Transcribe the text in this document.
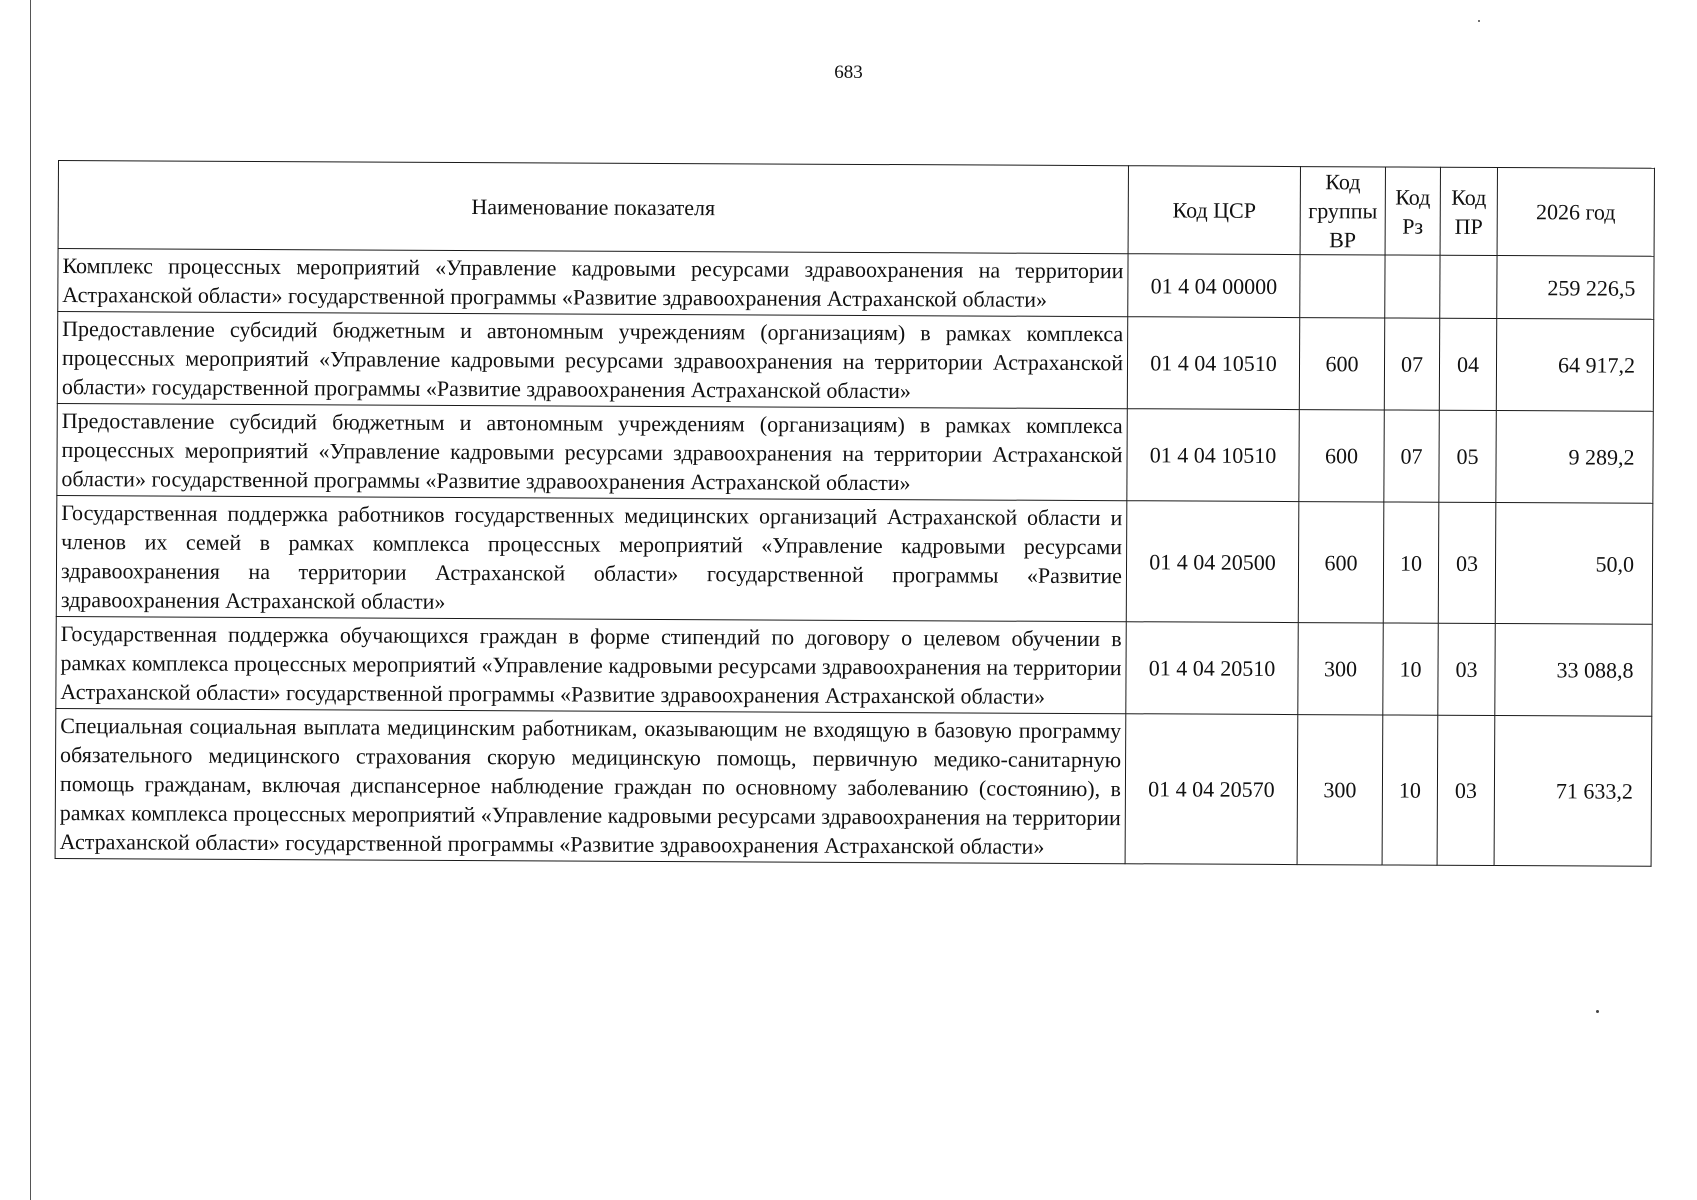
683
Наименование показателя	Код ЦСР	Код группы ВР	Код Рз	Код ПР	2026 год
Комплекс процессных мероприятий «Управление кадровыми ресурсами здравоохранения на территории Астраханской области» государственной программы «Развитие здравоохранения Астраханской области»	01 4 04 00000				259 226,5
Предоставление субсидий бюджетным и автономным учреждениям (организациям) в рамках комплекса процессных мероприятий «Управление кадровыми ресурсами здравоохранения на территории Астраханской области» государственной программы «Развитие здравоохранения Астраханской области»	01 4 04 10510	600	07	04	64 917,2
Предоставление субсидий бюджетным и автономным учреждениям (организациям) в рамках комплекса процессных мероприятий «Управление кадровыми ресурсами здравоохранения на территории Астраханской области» государственной программы «Развитие здравоохранения Астраханской области»	01 4 04 10510	600	07	05	9 289,2
Государственная поддержка работников государственных медицинских организаций Астраханской области и членов их семей в рамках комплекса процессных мероприятий «Управление кадровыми ресурсами здравоохранения на территории Астраханской области» государственной программы «Развитие здравоохранения Астраханской области»	01 4 04 20500	600	10	03	50,0
Государственная поддержка обучающихся граждан в форме стипендий по договору о целевом обучении в рамках комплекса процессных мероприятий «Управление кадровыми ресурсами здравоохранения на территории Астраханской области» государственной программы «Развитие здравоохранения Астраханской области»	01 4 04 20510	300	10	03	33 088,8
Специальная социальная выплата медицинским работникам, оказывающим не входящую в базовую программу обязательного медицинского страхования скорую медицинскую помощь, первичную медико-санитарную помощь гражданам, включая диспансерное наблюдение граждан по основному заболеванию (состоянию), в рамках комплекса процессных мероприятий «Управление кадровыми ресурсами здравоохранения на территории Астраханской области» государственной программы «Развитие здравоохранения Астраханской области»	01 4 04 20570	300	10	03	71 633,2
